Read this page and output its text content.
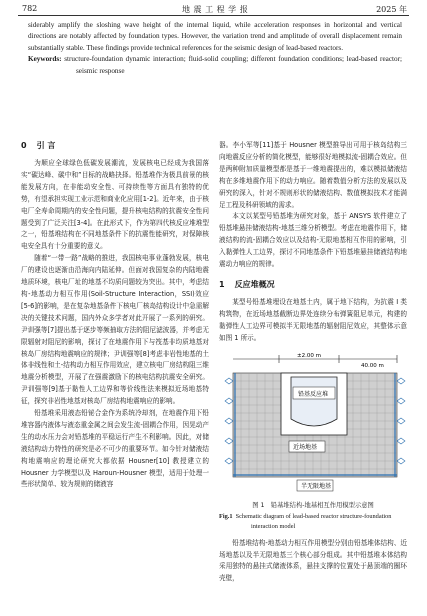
782	地 震 工 程 学 报	2025 年

siderably amplify the sloshing wave height of the internal liquid, while acceleration responses in horizontal and vertical directions are notably affected by foundation types. However, the variation trend and amplitude of overall displacement remain substantially stable. These findings provide technical references for the seismic design of lead-based reactors.

Keywords: structure-foundation dynamic interaction; fluid-solid coupling; different foundation conditions; lead-based reactor; seismic response

0 引 言

为顺应全球绿色低碳发展潮流，发展核电已经成为我国落实“碳达峰、碳中和”目标的战略抉择。铅基堆作为极具前景的核能发展方向，在非能动安全性、可持续性等方面具有独特的优势，有望承担实现工业示范和商业化应用[1-2]。近年来，由于核电厂全寿命周期内的安全性问题，提升核电结构的抗震安全性问题受到了广泛关注[3-4]。在此形式下，作为第四代核反应堆堆型之一，铅基堆结构在不同地基条件下的抗震性能研究，对保障核电安全具有十分重要的意义。

随着“一带一路”战略的推进，我国核电事业蓬勃发展，核电厂的建设也逐渐由沿海向内陆延伸。但面对我国复杂的内陆地震地质环境，核电厂址的地基不均质问题较为突出。其中，考虑结构-地基动力相互作用(Soil-Structure Interaction，SSI)效应[5-6]的影响，是在复杂地基条件下核电厂核岛结构设计中急需解决的关键技术问题，国内外众多学者对此开展了一系列的研究。尹训强等[7]提出基于逐步等频抽取方法的阻尼滤波器，并考虑无限辐射对阻尼的影响，探讨了在地震作用下与筏基非均质地基对核岛厂房结构地震响应的规律；尹训强等[8]考虑非岩性地基的土体非线性和土-结构动力相互作用效应，建立核电厂房结构阻三维地震分析模型，开展了在强震激励下的核电结构抗震安全研究。尹训强等[9]基于黏性人工边界和等价线性法来模拟近场地基特征，探究非岩性地基对核岛厂房结构地震响应的影响。

铅基堆采用液态铅铋合金作为系统冷却剂，在地震作用下铅堆容器内液体与液态重金属之间会发生流-固耦合作用，因晃动产生的动水压力会对铅基堆的平稳运行产生不利影响。因此，对储液结构动力特性的研究是必不可少的重要环节。如今针对储液结构地震响应的理论研究大都依据 Housner[10] 教授建立的 Housner 力学模型以及 Haroun-Housner 模型，适用于处理一些形状简单、较为规则的储液容

器。李小军等[11]基于 Housner 模型推导出可用于核岛结构三向地震反应分析的简化模型，能够很好地模拟流-固耦合效应。但是两种附加质量模型都是基于一维地震提出的，难以模拟储液结构在多维地震作用下的动力响应。随着数值分析方法的发展以及研究的深入，针对不规则形状的储液结构、数值模拟技术才能满足工程及科研领域的需求。

本文以某型号铅基堆为研究对象，基于 ANSYS 软件建立了铅基堆悬挂储液结构-地基三维分析模型。考虑在地震作用下，储液结构的流-固耦合效应以及结构-无限地基相互作用的影响，引入黏弹性人工边界，探讨不同地基条件下铅基堆悬挂储液结构地震动力响应的规律。

1 反应堆概况

某型号铅基堆埋设在地基土内，属于地下结构，为抗震 I 类构筑物，在近场地基截断边界处连续分布弹簧阻尼单元，构建的黏弹性人工边界可模拟半无限地基的辐射阻尼效应，其整体示意如图 1 所示。

±2.00 m
40.00 m
铅基反应堆
近场地基
半无限地基
图 1　铅基堆结构-地基相互作用模型示意图
Fig.1 Schematic diagram of lead-based reactor structure-foundation interaction model

铅基堆结构-地基动力相互作用模型分别由铅基堆体结构、近场地基以及半无限地基三个核心部分组成。其中铅基堆本体结构采用独特的悬挂式储液体系，悬挂支撑的位置处于悬顶端的圈环壳壁，
